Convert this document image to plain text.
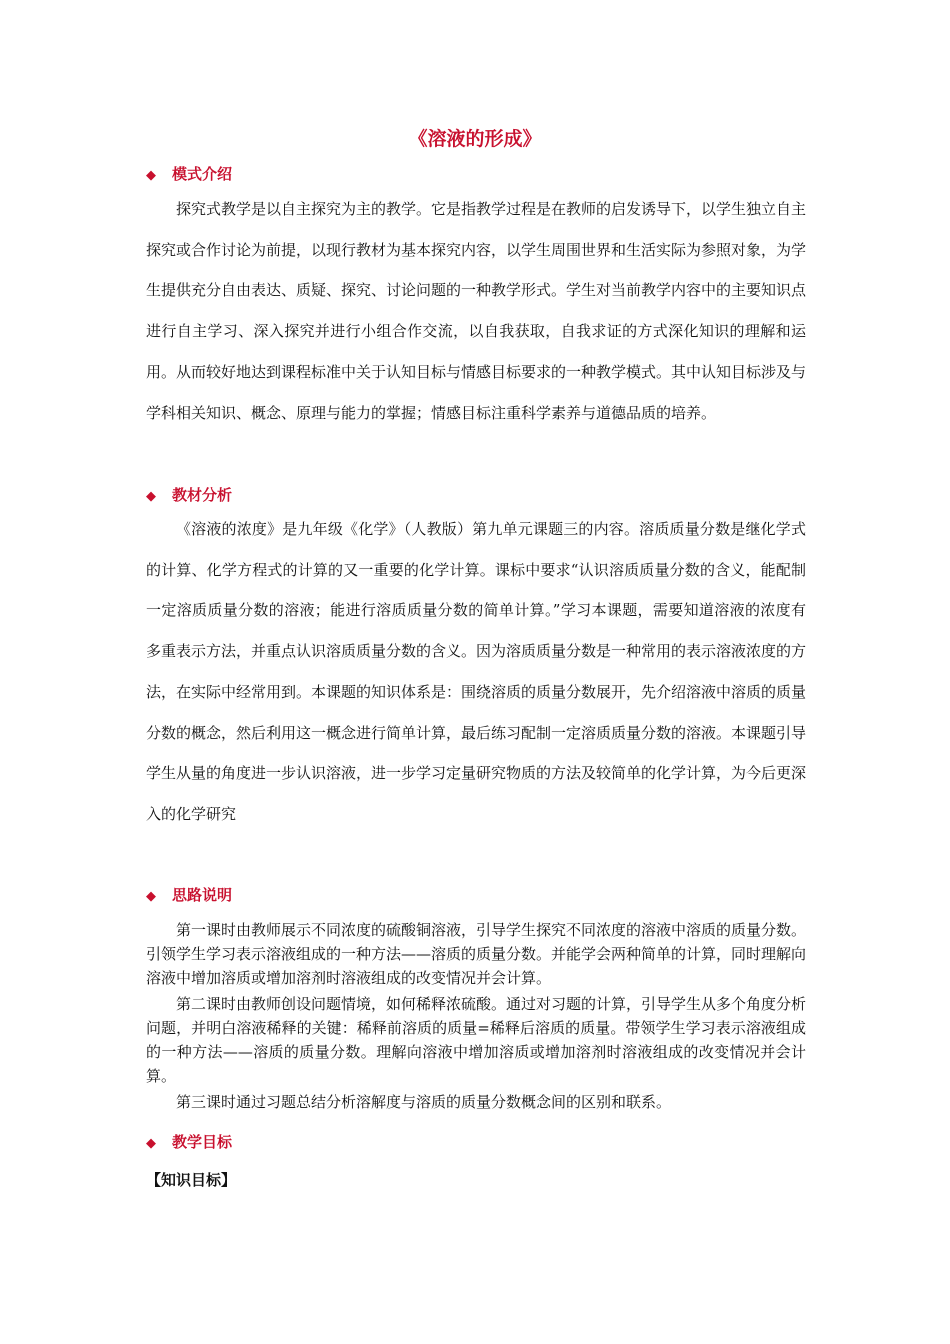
《溶液的形成》
◆ 模式介绍
探究式教学是以自主探究为主的教学。它是指教学过程是在教师的启发诱导下，以学生独立自主探究或合作讨论为前提，以现行教材为基本探究内容，以学生周围世界和生活实际为参照对象，为学生提供充分自由表达、质疑、探究、讨论问题的一种教学形式。学生对当前教学内容中的主要知识点进行自主学习、深入探究并进行小组合作交流，以自我获取，自我求证的方式深化知识的理解和运用。从而较好地达到课程标准中关于认知目标与情感目标要求的一种教学模式。其中认知目标涉及与学科相关知识、概念、原理与能力的掌握；情感目标注重科学素养与道德品质的培养。
◆ 教材分析
《溶液的浓度》是九年级《化学》（人教版）第九单元课题三的内容。溶质质量分数是继化学式的计算、化学方程式的计算的又一重要的化学计算。课标中要求“认识溶质质量分数的含义，能配制一定溶质质量分数的溶液；能进行溶质质量分数的简单计算。”学习本课题，需要知道溶液的浓度有多重表示方法，并重点认识溶质质量分数的含义。因为溶质质量分数是一种常用的表示溶液浓度的方法，在实际中经常用到。本课题的知识体系是：围绕溶质的质量分数展开，先介绍溶液中溶质的质量分数的概念，然后利用这一概念进行简单计算，最后练习配制一定溶质质量分数的溶液。本课题引导学生从量的角度进一步认识溶液，进一步学习定量研究物质的方法及较简单的化学计算，为今后更深入的化学研究
◆ 思路说明
第一课时由教师展示不同浓度的硫酸铜溶液，引导学生探究不同浓度的溶液中溶质的质量分数。引领学生学习表示溶液组成的一种方法——溶质的质量分数。并能学会两种简单的计算，同时理解向溶液中增加溶质或增加溶剂时溶液组成的改变情况并会计算。
第二课时由教师创设问题情境，如何稀释浓硫酸。通过对习题的计算，引导学生从多个角度分析问题，并明白溶液稀释的关键：稀释前溶质的质量=稀释后溶质的质量。带领学生学习表示溶液组成的一种方法——溶质的质量分数。理解向溶液中增加溶质或增加溶剂时溶液组成的改变情况并会计算。
第三课时通过习题总结分析溶解度与溶质的质量分数概念间的区别和联系。
◆ 教学目标
【知识目标】
